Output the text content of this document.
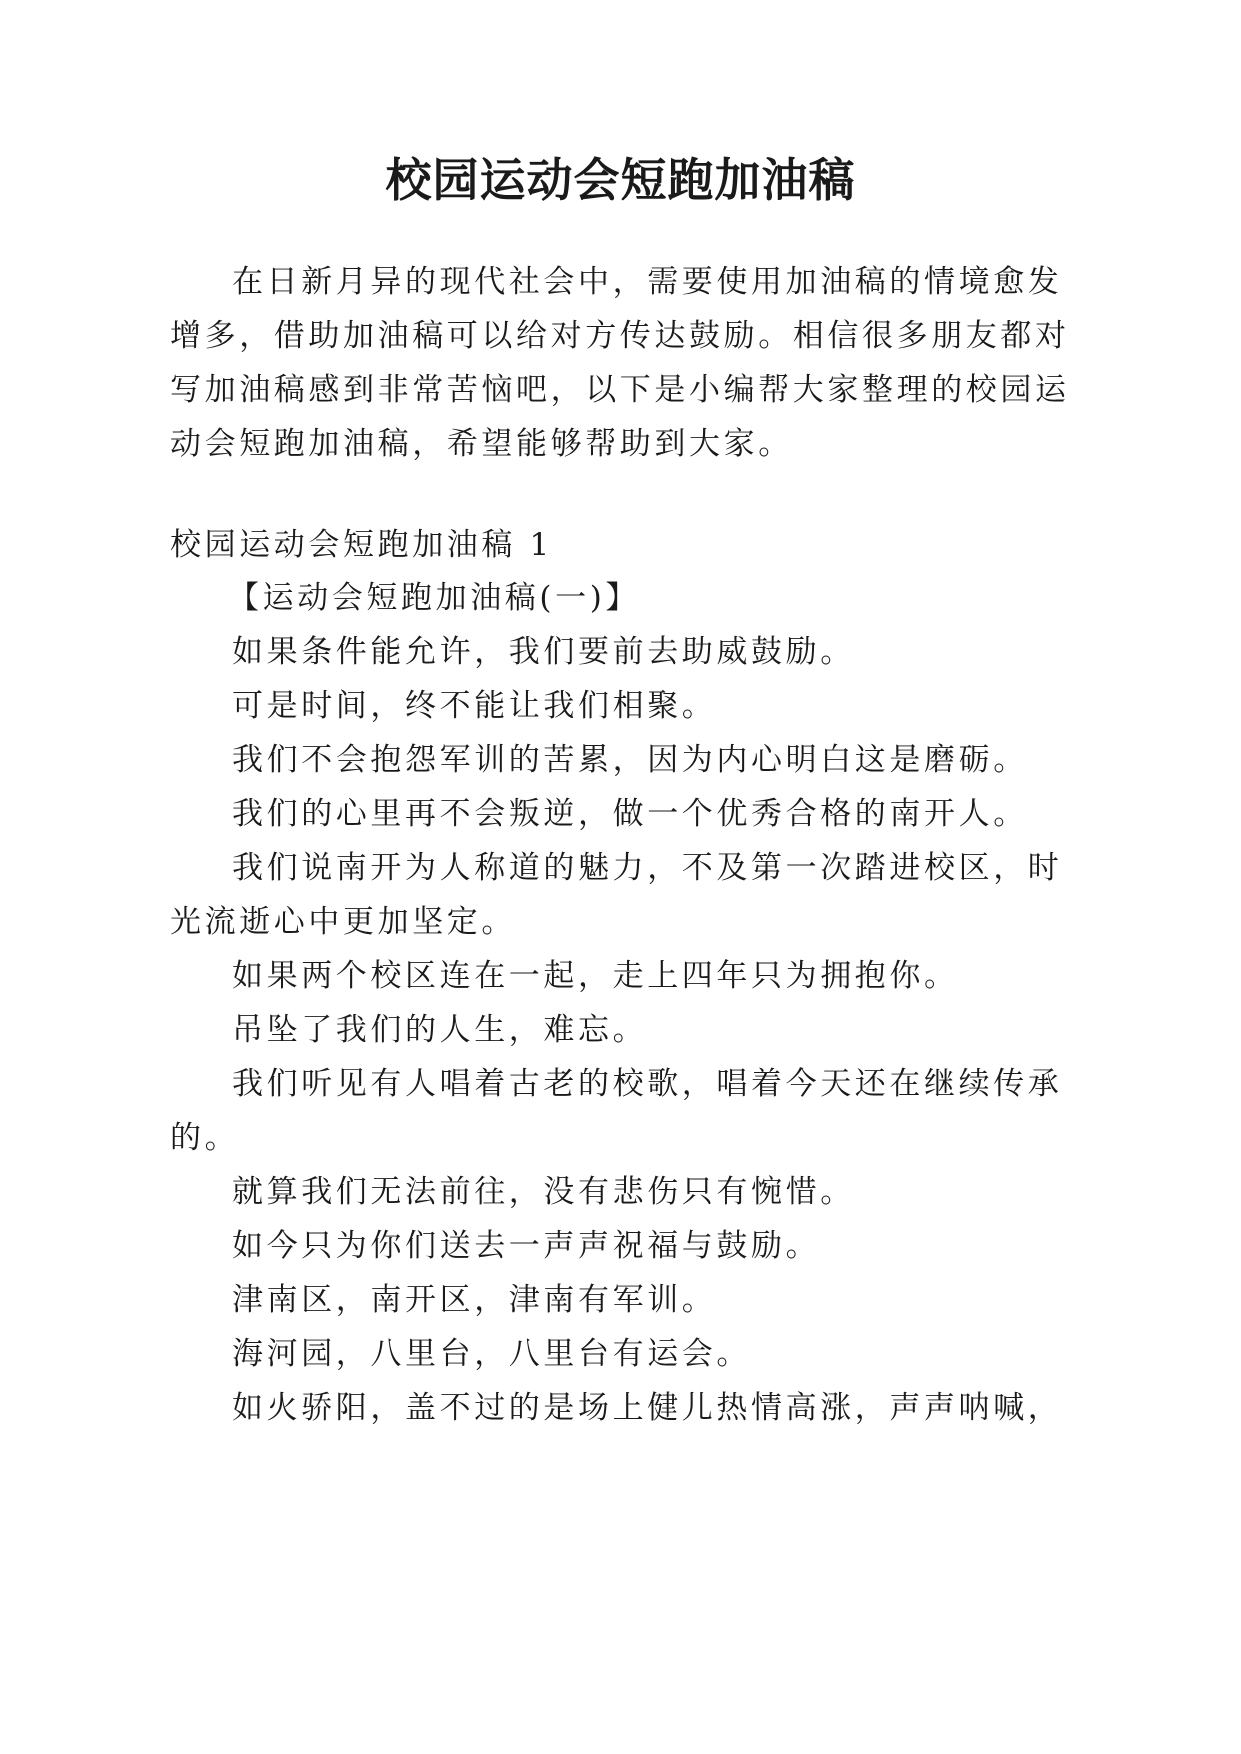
校园运动会短跑加油稿

在日新月异的现代社会中，需要使用加油稿的情境愈发

增多，借助加油稿可以给对方传达鼓励。相信很多朋友都对

写加油稿感到非常苦恼吧，以下是小编帮大家整理的校园运

动会短跑加油稿，希望能够帮助到大家。

校园运动会短跑加油稿 1

【运动会短跑加油稿(一)】

如果条件能允许，我们要前去助威鼓励。

可是时间，终不能让我们相聚。

我们不会抱怨军训的苦累，因为内心明白这是磨砺。

我们的心里再不会叛逆，做一个优秀合格的南开人。

我们说南开为人称道的魅力，不及第一次踏进校区，时

光流逝心中更加坚定。

如果两个校区连在一起，走上四年只为拥抱你。

吊坠了我们的人生，难忘。

我们听见有人唱着古老的校歌，唱着今天还在继续传承

的。

就算我们无法前往，没有悲伤只有惋惜。

如今只为你们送去一声声祝福与鼓励。

津南区，南开区，津南有军训。

海河园，八里台，八里台有运会。

如火骄阳，盖不过的是场上健儿热情高涨，声声呐喊，
